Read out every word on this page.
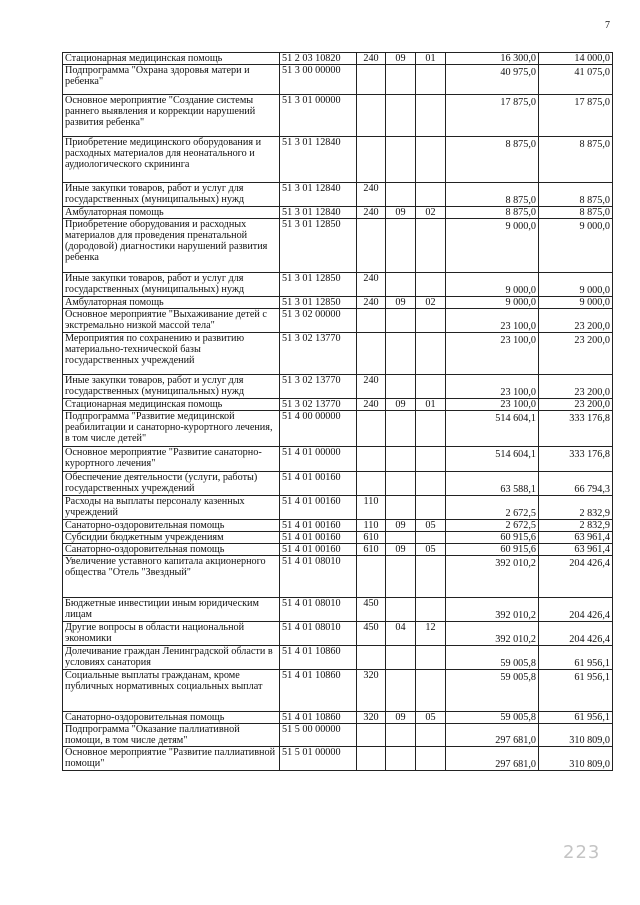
7
Стационарная медицинская помощь	51 2 03 10820	240	09	01	16 300,0	14 000,0
Подпрограмма "Охрана здоровья матери и ребенка"	51 3 00 00000				40 975,0	41 075,0
Основное мероприятие "Создание системы раннего выявления и коррекции нарушений развития ребенка"	51 3 01 00000				17 875,0	17 875,0
Приобретение медицинского оборудования и расходных материалов для неонатального и аудиологического скрининга	51 3 01 12840				8 875,0	8 875,0
Иные закупки товаров, работ и услуг для государственных (муниципальных) нужд	51 3 01 12840	240			8 875,0	8 875,0
Амбулаторная помощь	51 3 01 12840	240	09	02	8 875,0	8 875,0
Приобретение оборудования и расходных материалов для проведения пренатальной (дородовой) диагностики нарушений развития ребенка	51 3 01 12850				9 000,0	9 000,0
Иные закупки товаров, работ и услуг для государственных (муниципальных) нужд	51 3 01 12850	240			9 000,0	9 000,0
Амбулаторная помощь	51 3 01 12850	240	09	02	9 000,0	9 000,0
Основное мероприятие "Выхаживание детей с экстремально низкой массой тела"	51 3 02 00000				23 100,0	23 200,0
Мероприятия по сохранению и развитию материально-технической базы государственных учреждений	51 3 02 13770				23 100,0	23 200,0
Иные закупки товаров, работ и услуг для государственных (муниципальных) нужд	51 3 02 13770	240			23 100,0	23 200,0
Стационарная медицинская помощь	51 3 02 13770	240	09	01	23 100,0	23 200,0
Подпрограмма "Развитие медицинской реабилитации и санаторно-курортного лечения, в том числе детей"	51 4 00 00000				514 604,1	333 176,8
Основное мероприятие "Развитие санаторно-курортного лечения"	51 4 01 00000				514 604,1	333 176,8
Обеспечение деятельности (услуги, работы) государственных учреждений	51 4 01 00160				63 588,1	66 794,3
Расходы на выплаты персоналу казенных учреждений	51 4 01 00160	110			2 672,5	2 832,9
Санаторно-оздоровительная помощь	51 4 01 00160	110	09	05	2 672,5	2 832,9
Субсидии бюджетным учреждениям	51 4 01 00160	610			60 915,6	63 961,4
Санаторно-оздоровительная помощь	51 4 01 00160	610	09	05	60 915,6	63 961,4
Увеличение уставного капитала акционерного общества "Отель "Звездный"	51 4 01 08010				392 010,2	204 426,4
Бюджетные инвестиции иным юридическим лицам	51 4 01 08010	450			392 010,2	204 426,4
Другие вопросы в области национальной экономики	51 4 01 08010	450	04	12	392 010,2	204 426,4
Долечивание граждан Ленинградской области в условиях санатория	51 4 01 10860				59 005,8	61 956,1
Социальные выплаты гражданам, кроме публичных нормативных социальных выплат	51 4 01 10860	320			59 005,8	61 956,1
Санаторно-оздоровительная помощь	51 4 01 10860	320	09	05	59 005,8	61 956,1
Подпрограмма "Оказание паллиативной помощи, в том числе детям"	51 5 00 00000				297 681,0	310 809,0
Основное мероприятие "Развитие паллиативной помощи"	51 5 01 00000				297 681,0	310 809,0
223
